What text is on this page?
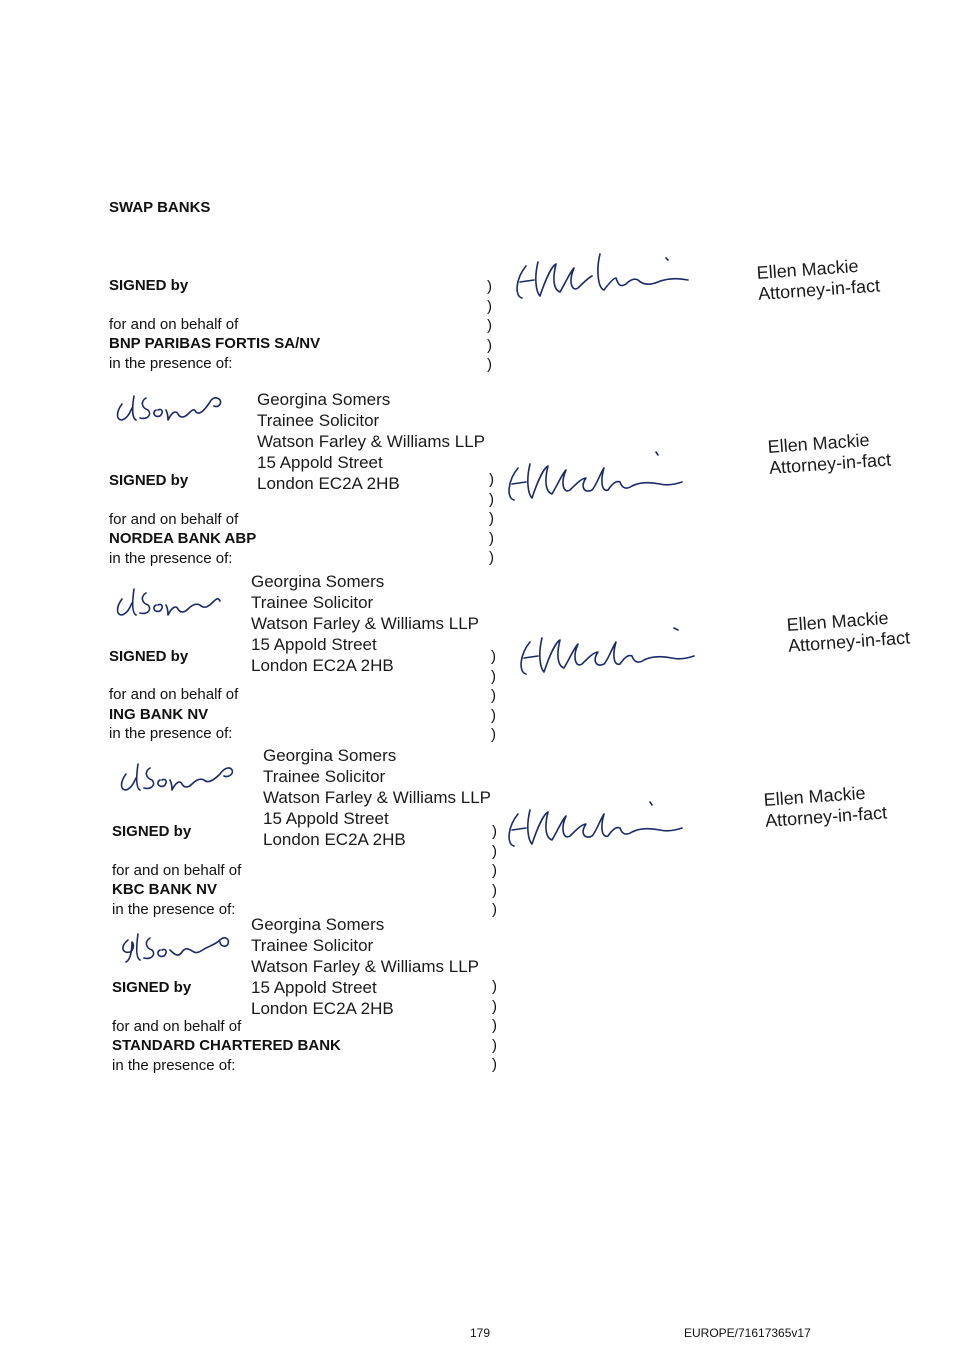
SWAP BANKS
SIGNED by
for and on behalf of
BNP PARIBAS FORTIS SA/NV
in the presence of:
)
)
)
)
)
Ellen Mackie
Attorney-in-fact
Georgina Somers
Trainee Solicitor
Watson Farley & Williams LLP
15 Appold Street
London EC2A 2HB
SIGNED by
for and on behalf of
NORDEA BANK ABP
in the presence of:
)
)
)
)
)
Ellen Mackie
Attorney-in-fact
Georgina Somers
Trainee Solicitor
Watson Farley & Williams LLP
15 Appold Street
London EC2A 2HB
SIGNED by
for and on behalf of
ING BANK NV
in the presence of:
)
)
)
)
)
Ellen Mackie
Attorney-in-fact
Georgina Somers
Trainee Solicitor
Watson Farley & Williams LLP
15 Appold Street
London EC2A 2HB
SIGNED by
for and on behalf of
KBC BANK NV
in the presence of:
)
)
)
)
)
Ellen Mackie
Attorney-in-fact
Georgina Somers
Trainee Solicitor
Watson Farley & Williams LLP
15 Appold Street
London EC2A 2HB
SIGNED by
for and on behalf of
STANDARD CHARTERED BANK
in the presence of:
)
)
)
)
)
179	EUROPE/71617365v17
